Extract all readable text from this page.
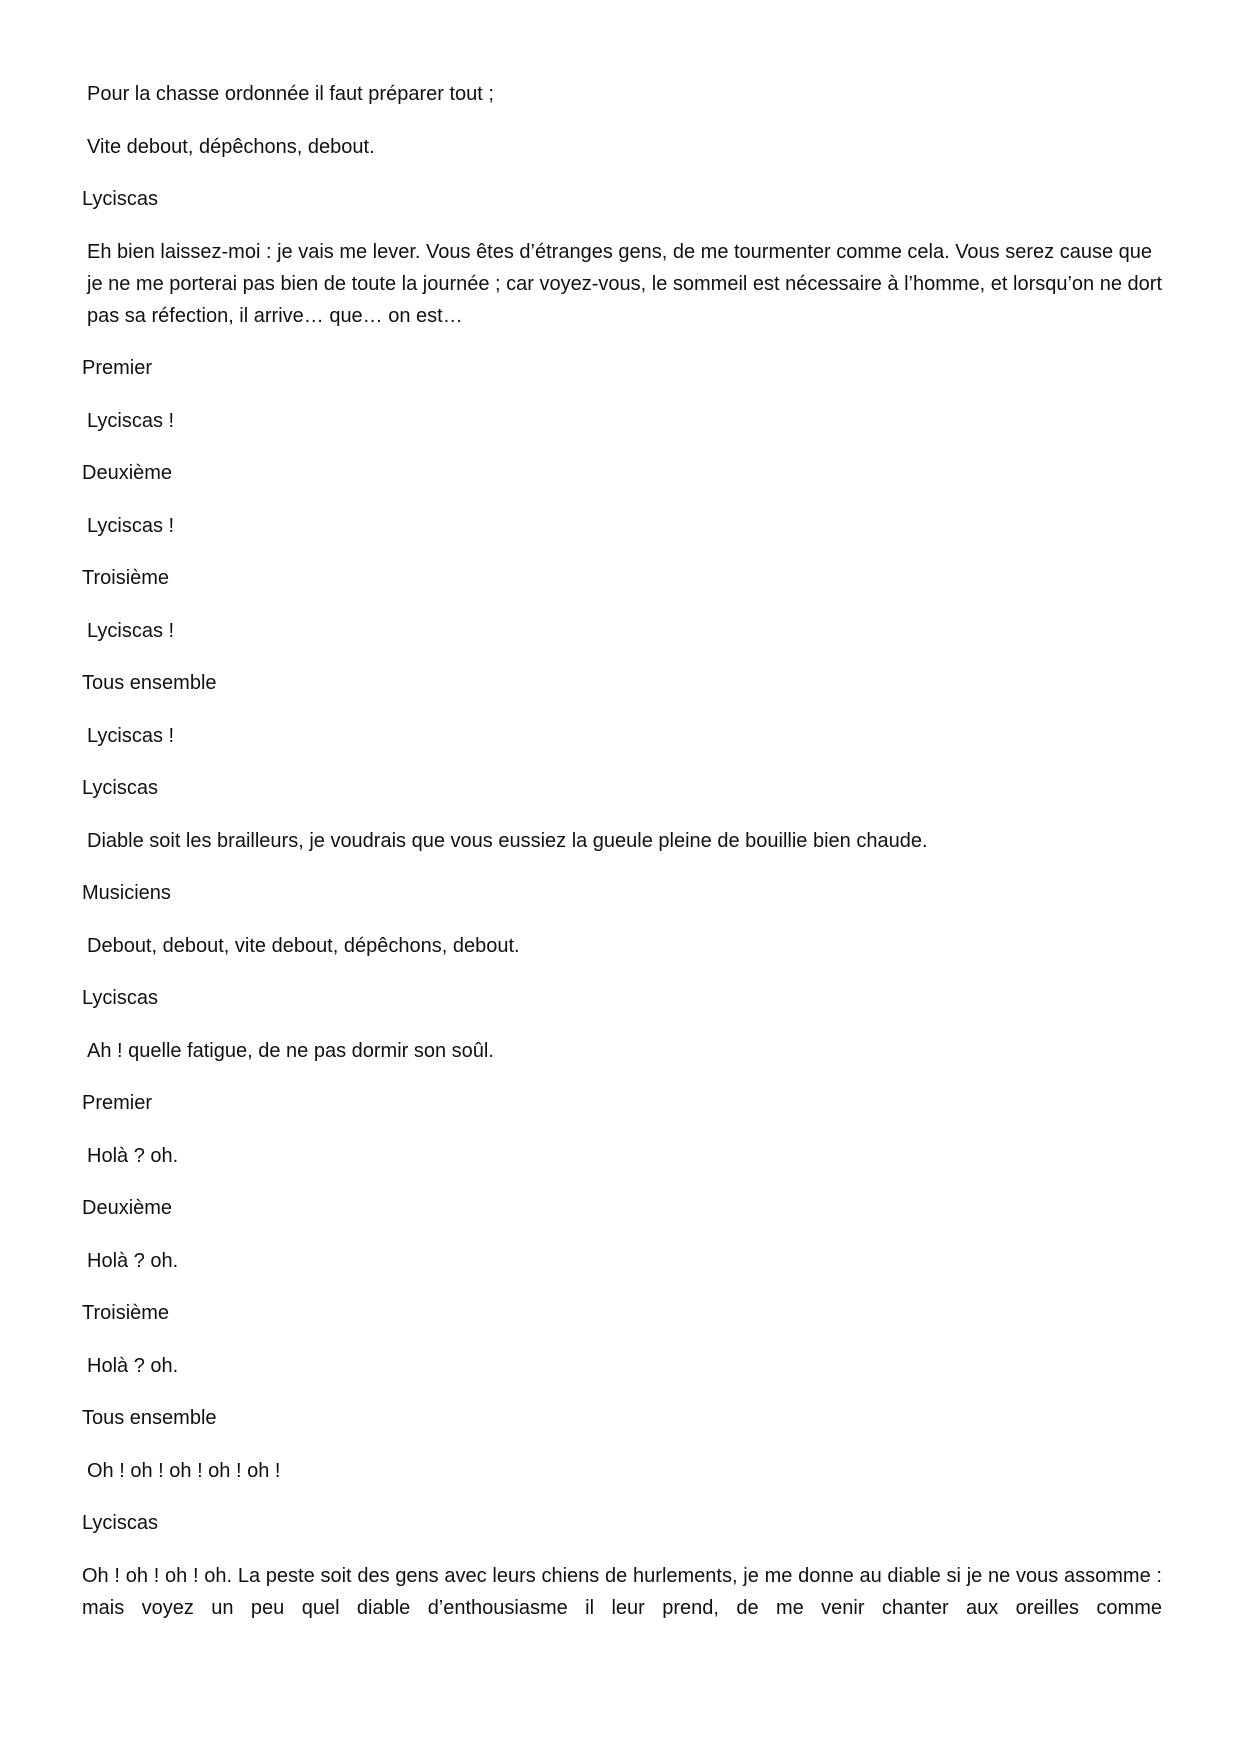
Pour la chasse ordonnée il faut préparer tout ;

Vite debout, dépêchons, debout.

Lyciscas

Eh bien laissez-moi : je vais me lever. Vous êtes d’étranges gens, de me tourmenter comme cela. Vous serez cause que je ne me porterai pas bien de toute la journée ; car voyez-vous, le sommeil est nécessaire à l’homme, et lorsqu’on ne dort pas sa réfection, il arrive… que… on est…

Premier

Lyciscas !

Deuxième

Lyciscas !

Troisième

Lyciscas !

Tous ensemble

Lyciscas !

Lyciscas

Diable soit les brailleurs, je voudrais que vous eussiez la gueule pleine de bouillie bien chaude.

Musiciens

Debout, debout, vite debout, dépêchons, debout.

Lyciscas

Ah ! quelle fatigue, de ne pas dormir son soûl.

Premier

Holà ? oh.

Deuxième

Holà ? oh.

Troisième

Holà ? oh.

Tous ensemble

Oh ! oh ! oh ! oh ! oh !

Lyciscas

Oh ! oh ! oh ! oh. La peste soit des gens avec leurs chiens de hurlements, je me donne au diable si je ne vous assomme : mais voyez un peu quel diable d’enthousiasme il leur prend, de me venir chanter aux oreilles comme
